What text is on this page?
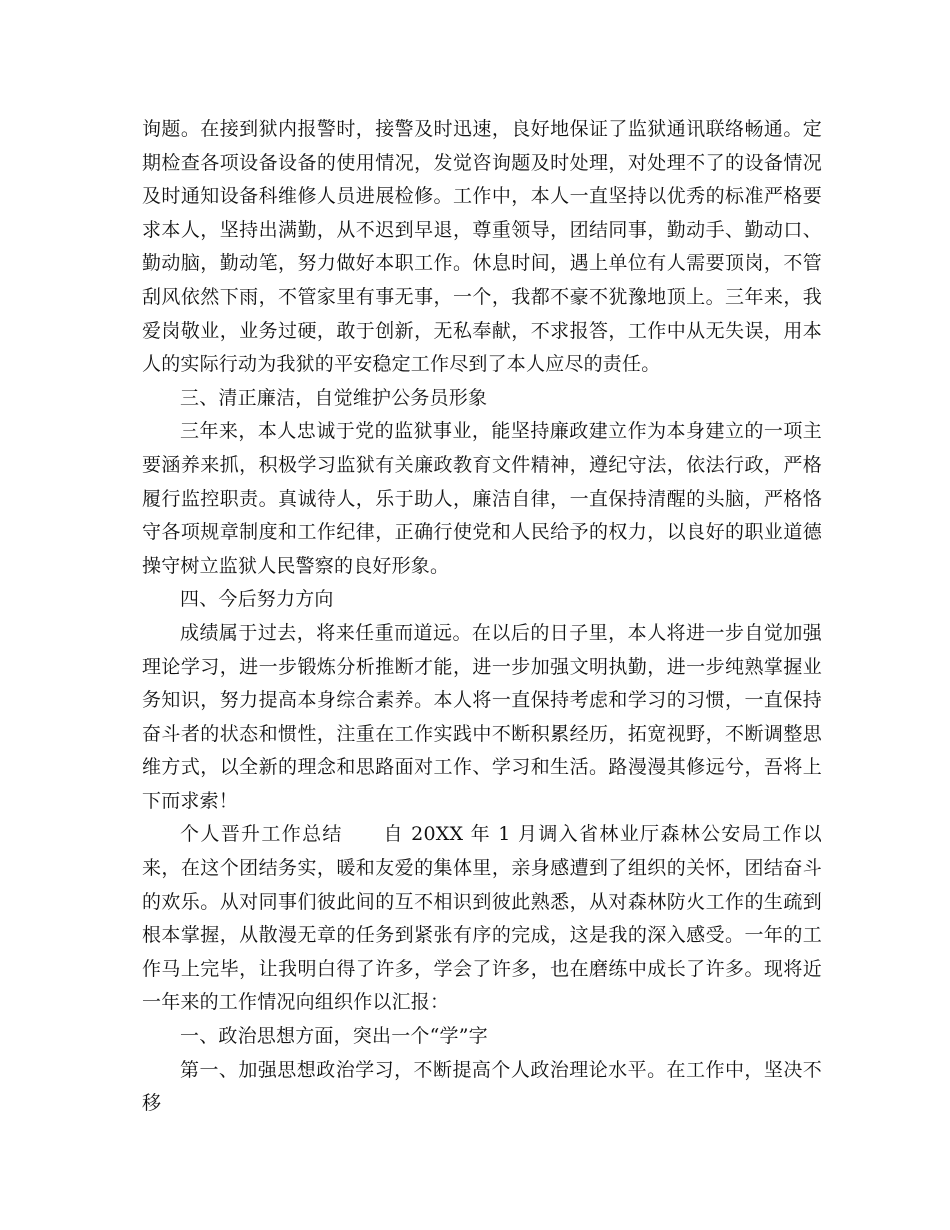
询题。在接到狱内报警时，接警及时迅速，良好地保证了监狱通讯联络畅通。定期检查各项设备设备的使用情况，发觉咨询题及时处理，对处理不了的设备情况及时通知设备科维修人员进展检修。工作中，本人一直坚持以优秀的标准严格要求本人，坚持出满勤，从不迟到早退，尊重领导，团结同事，勤动手、勤动口、勤动脑，勤动笔，努力做好本职工作。休息时间，遇上单位有人需要顶岗，不管刮风依然下雨，不管家里有事无事，一个，我都不豪不犹豫地顶上。三年来，我爱岗敬业，业务过硬，敢于创新，无私奉献，不求报答，工作中从无失误，用本人的实际行动为我狱的平安稳定工作尽到了本人应尽的责任。

三、清正廉洁，自觉维护公务员形象

三年来，本人忠诚于党的监狱事业，能坚持廉政建立作为本身建立的一项主要涵养来抓，积极学习监狱有关廉政教育文件精神，遵纪守法，依法行政，严格履行监控职责。真诚待人，乐于助人，廉洁自律，一直保持清醒的头脑，严格恪守各项规章制度和工作纪律，正确行使党和人民给予的权力，以良好的职业道德操守树立监狱人民警察的良好形象。

四、今后努力方向

成绩属于过去，将来任重而道远。在以后的日子里，本人将进一步自觉加强理论学习，进一步锻炼分析推断才能，进一步加强文明执勤，进一步纯熟掌握业务知识，努力提高本身综合素养。本人将一直保持考虑和学习的习惯，一直保持奋斗者的状态和惯性，注重在工作实践中不断积累经历，拓宽视野，不断调整思维方式，以全新的理念和思路面对工作、学习和生活。路漫漫其修远兮，吾将上下而求索！

个人晋升工作总结　　自 20XX 年 1 月调入省林业厅森林公安局工作以来，在这个团结务实，暖和友爱的集体里，亲身感遭到了组织的关怀，团结奋斗的欢乐。从对同事们彼此间的互不相识到彼此熟悉，从对森林防火工作的生疏到根本掌握，从散漫无章的任务到紧张有序的完成，这是我的深入感受。一年的工作马上完毕，让我明白得了许多，学会了许多，也在磨练中成长了许多。现将近一年来的工作情况向组织作以汇报：

一、政治思想方面，突出一个“学”字

第一、加强思想政治学习，不断提高个人政治理论水平。在工作中，坚决不移
